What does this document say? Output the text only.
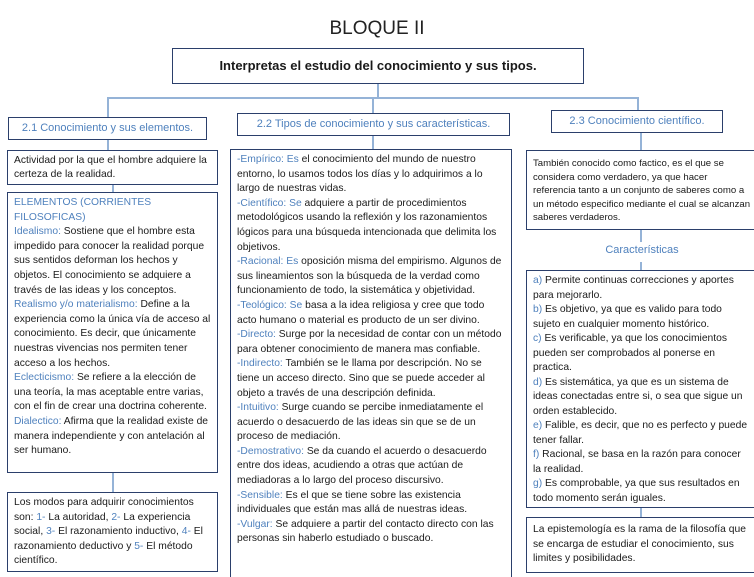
BLOQUE II
Interpretas el estudio del conocimiento y sus tipos.
2.1 Conocimiento y sus elementos.
Actividad por la que el hombre adquiere la certeza de la realidad.
ELEMENTOS (CORRIENTES FILOSOFICAS)
Idealismo: Sostiene que el hombre esta impedido para conocer la realidad porque sus sentidos deforman los hechos y objetos. El conocimiento se adquiere a través de las ideas y los conceptos.
Realismo y/o materialismo: Define a la experiencia como la única vía de acceso al conocimiento. Es decir, que únicamente nuestras vivencias nos permiten tener acceso a los hechos.
Eclecticismo: Se refiere a la elección de una teoría, la mas aceptable entre varias, con el fin de crear una doctrina coherente.
Dialectico: Afirma que la realidad existe de manera independiente y con antelación al ser humano.
Los modos para adquirir conocimientos son: 1- La autoridad, 2- La experiencia social, 3- El razonamiento inductivo, 4- El razonamiento deductivo y 5- El método científico.
2.2 Tipos de conocimiento y sus características.
-Empírico: Es el conocimiento del mundo de nuestro entorno, lo usamos todos los días y lo adquirimos a lo largo de nuestras vidas.
-Científico: Se adquiere a partir de procedimientos metodológicos usando la reflexión y los razonamientos lógicos para una búsqueda intencionada que delimita los objetivos.
-Racional: Es oposición misma del empirismo. Algunos de sus lineamientos son la búsqueda de la verdad como funcionamiento de todo, la sistemática y objetividad.
-Teológico: Se basa a la idea religiosa y cree que todo acto humano o material es producto de un ser divino.
-Directo: Surge por la necesidad de contar con un método para obtener conocimiento de manera mas confiable.
-Indirecto: También se le llama por descripción. No se tiene un acceso directo. Sino que se puede acceder al objeto a través de una descripción definida.
-Intuitivo: Surge cuando se percibe inmediatamente el acuerdo o desacuerdo de las ideas sin que se de un proceso de mediación.
-Demostrativo: Se da cuando el acuerdo o desacuerdo entre dos ideas, acudiendo a otras que actúan de mediadoras a lo largo del proceso discursivo.
-Sensible: Es el que se tiene sobre las existencia individuales que están mas allá de nuestras ideas.
-Vulgar: Se adquiere a partir del contacto directo con las personas sin haberlo estudiado o buscado.
2.3 Conocimiento científico.
También conocido como factico, es el que se considera como verdadero, ya que hacer referencia tanto a un conjunto de saberes como a un método especifico mediante el cual se alcanzan saberes verdaderos.
Características
a) Permite continuas correcciones y aportes para mejorarlo.
b) Es objetivo, ya que es valido para todo sujeto en cualquier momento histórico.
c) Es verificable, ya que los conocimientos pueden ser comprobados al ponerse en practica.
d) Es sistemática, ya que es un sistema de ideas conectadas entre si, o sea que sigue un orden establecido.
e) Falible, es decir, que no es perfecto y puede tener fallar.
f) Racional, se basa en la razón para conocer la realidad.
g) Es comprobable, ya que sus resultados en todo momento serán iguales.
La epistemología es la rama de la filosofía que se encarga de estudiar el conocimiento, sus limites y posibilidades.
